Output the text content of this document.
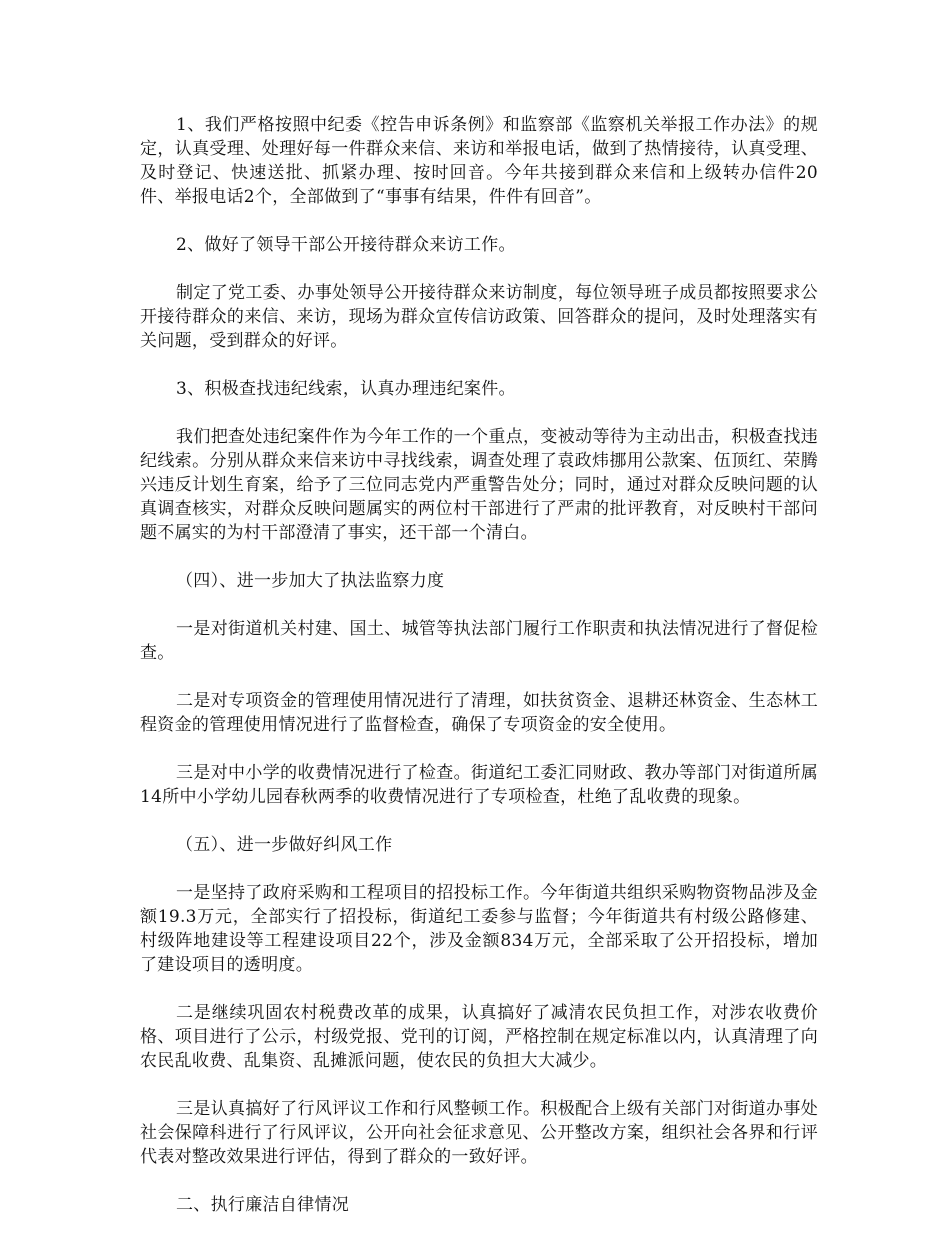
1、我们严格按照中纪委《控告申诉条例》和监察部《监察机关举报工作办法》的规定，认真受理、处理好每一件群众来信、来访和举报电话，做到了热情接待，认真受理、及时登记、快速送批、抓紧办理、按时回音。今年共接到群众来信和上级转办信件20件、举报电话2个，全部做到了“事事有结果，件件有回音”。

2、做好了领导干部公开接待群众来访工作。

制定了党工委、办事处领导公开接待群众来访制度，每位领导班子成员都按照要求公开接待群众的来信、来访，现场为群众宣传信访政策、回答群众的提问，及时处理落实有关问题，受到群众的好评。

3、积极查找违纪线索，认真办理违纪案件。

我们把查处违纪案件作为今年工作的一个重点，变被动等待为主动出击，积极查找违纪线索。分别从群众来信来访中寻找线索，调查处理了袁政炜挪用公款案、伍顶红、荣腾兴违反计划生育案，给予了三位同志党内严重警告处分；同时，通过对群众反映问题的认真调查核实，对群众反映问题属实的两位村干部进行了严肃的批评教育，对反映村干部问题不属实的为村干部澄清了事实，还干部一个清白。

（四）、进一步加大了执法监察力度

一是对街道机关村建、国土、城管等执法部门履行工作职责和执法情况进行了督促检查。

二是对专项资金的管理使用情况进行了清理，如扶贫资金、退耕还林资金、生态林工程资金的管理使用情况进行了监督检查，确保了专项资金的安全使用。

三是对中小学的收费情况进行了检查。街道纪工委汇同财政、教办等部门对街道所属14所中小学幼儿园春秋两季的收费情况进行了专项检查，杜绝了乱收费的现象。

（五）、进一步做好纠风工作

一是坚持了政府采购和工程项目的招投标工作。今年街道共组织采购物资物品涉及金额19.3万元，全部实行了招投标，街道纪工委参与监督；今年街道共有村级公路修建、村级阵地建设等工程建设项目22个，涉及金额834万元，全部采取了公开招投标，增加了建设项目的透明度。

二是继续巩固农村税费改革的成果，认真搞好了减清农民负担工作，对涉农收费价格、项目进行了公示，村级党报、党刊的订阅，严格控制在规定标准以内，认真清理了向农民乱收费、乱集资、乱摊派问题，使农民的负担大大减少。

三是认真搞好了行风评议工作和行风整顿工作。积极配合上级有关部门对街道办事处社会保障科进行了行风评议，公开向社会征求意见、公开整改方案，组织社会各界和行评代表对整改效果进行评估，得到了群众的一致好评。

二、执行廉洁自律情况
